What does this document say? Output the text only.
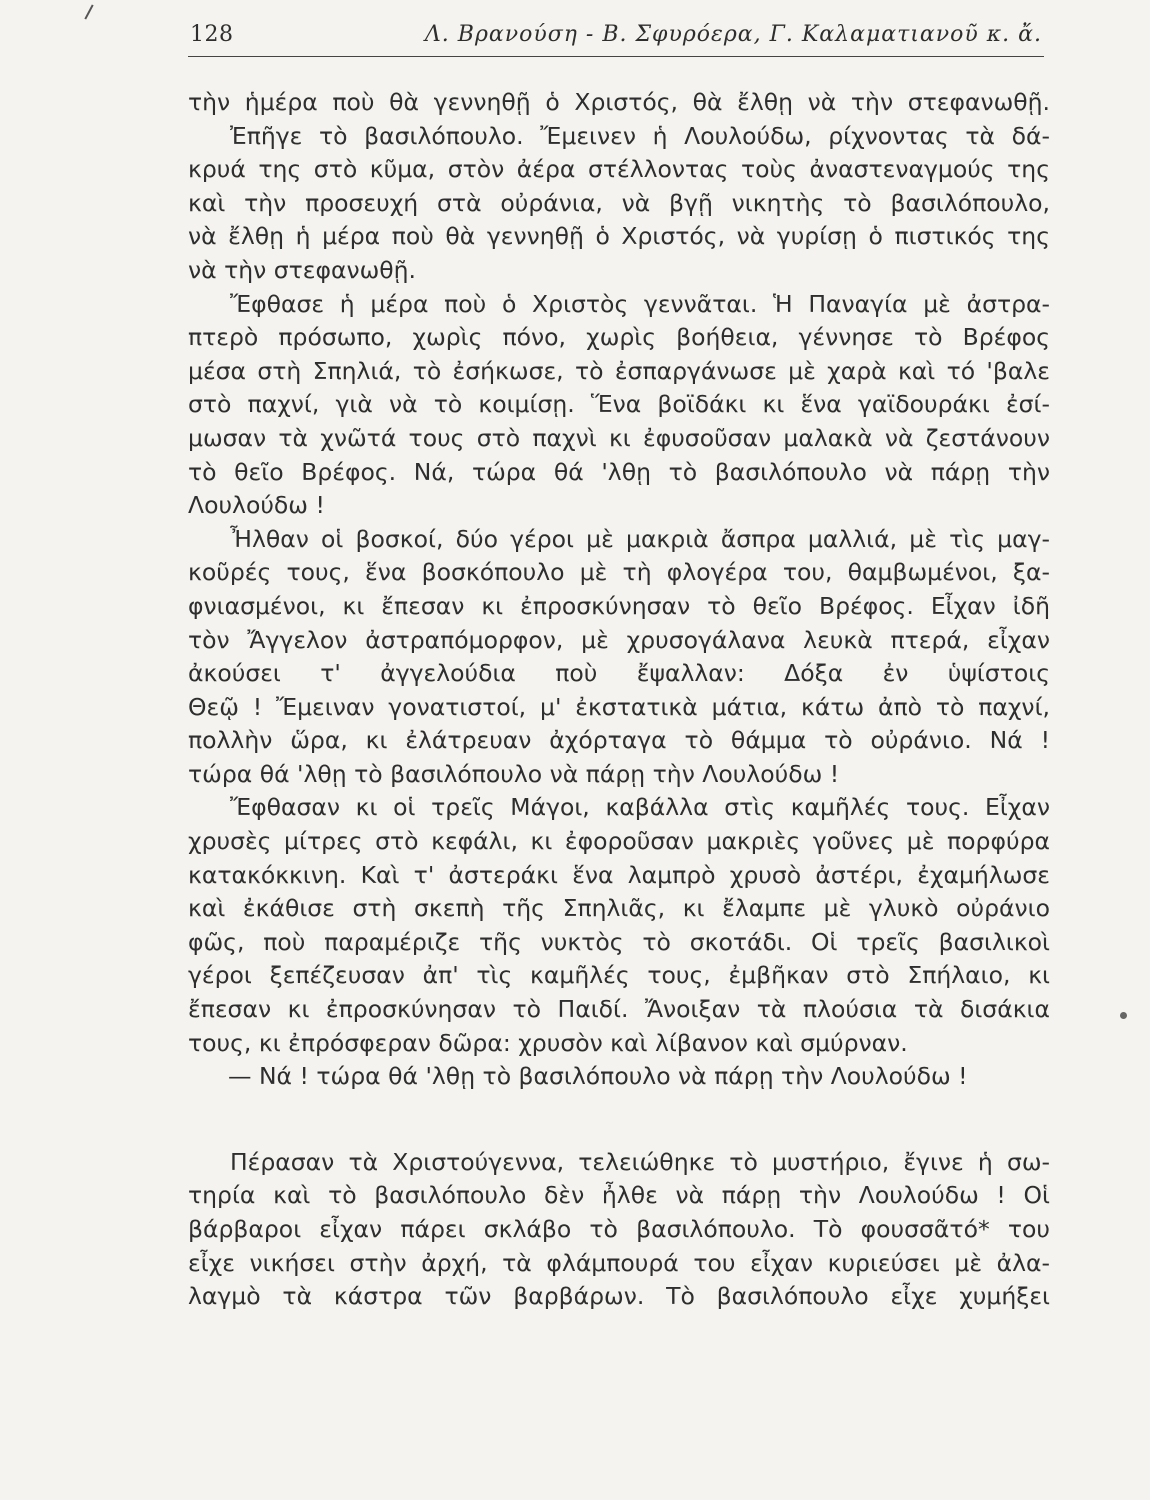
128	Λ. Βρανούση - Β. Σφυρόερα, Γ. Καλαματιανοῦ κ. ἄ.
τὴν ἡμέρα ποὺ θὰ γεννηθῇ ὁ Χριστός, θὰ ἔλθῃ νὰ τὴν στεφανωθῇ.
Ἐπῆγε τὸ βασιλόπουλο. Ἔμεινεν ἡ Λουλούδω, ρίχνοντας τὰ δά-
κρυά της στὸ κῦμα, στὸν ἀέρα στέλλοντας τοὺς ἀναστεναγμούς της
καὶ τὴν προσευχή στὰ οὐράνια, νὰ βγῇ νικητὴς τὸ βασιλόπουλο,
νὰ ἔλθῃ ἡ μέρα ποὺ θὰ γεννηθῇ ὁ Χριστός, νὰ γυρίσῃ ὁ πιστικός της
νὰ τὴν στεφανωθῇ.
Ἔφθασε ἡ μέρα ποὺ ὁ Χριστὸς γεννᾶται. Ἡ Παναγία μὲ ἀστρα-
πτερὸ πρόσωπο, χωρὶς πόνο, χωρὶς βοήθεια, γέννησε τὸ Βρέφος
μέσα στὴ Σπηλιά, τὸ ἐσήκωσε, τὸ ἐσπαργάνωσε μὲ χαρὰ καὶ τό 'βαλε
στὸ παχνί, γιὰ νὰ τὸ κοιμίσῃ. Ἕνα βοϊδάκι κι ἕνα γαϊδουράκι ἐσί-
μωσαν τὰ χνῶτά τους στὸ παχνὶ κι ἐφυσοῦσαν μαλακὰ νὰ ζεστάνουν
τὸ θεῖο Βρέφος. Νά, τώρα θά 'λθῃ τὸ βασιλόπουλο νὰ πάρῃ τὴν
Λουλούδω !
Ἦλθαν οἱ βοσκοί, δύο γέροι μὲ μακριὰ ἄσπρα μαλλιά, μὲ τὶς μαγ-
κοῦρές τους, ἕνα βοσκόπουλο μὲ τὴ φλογέρα του, θαμβωμένοι, ξα-
φνιασμένοι, κι ἔπεσαν κι ἐπροσκύνησαν τὸ θεῖο Βρέφος. Εἶχαν ἰδῆ
τὸν Ἄγγελον ἀστραπόμορφον, μὲ χρυσογάλανα λευκὰ πτερά, εἶχαν
ἀκούσει τ' ἀγγελούδια ποὺ ἔψαλλαν: Δόξα ἐν ὑψίστοις
Θεῷ ! Ἔμειναν γονατιστοί, μ' ἐκστατικὰ μάτια, κάτω ἀπὸ τὸ παχνί,
πολλὴν ὥρα, κι ἐλάτρευαν ἀχόρταγα τὸ θάμμα τὸ οὐράνιο. Νά !
τώρα θά 'λθῃ τὸ βασιλόπουλο νὰ πάρῃ τὴν Λουλούδω !
Ἔφθασαν κι οἱ τρεῖς Μάγοι, καβάλλα στὶς καμῆλές τους. Εἶχαν
χρυσὲς μίτρες στὸ κεφάλι, κι ἐφοροῦσαν μακριὲς γοῦνες μὲ πορφύρα
κατακόκκινη. Καὶ τ' ἀστεράκι ἕνα λαμπρὸ χρυσὸ ἀστέρι, ἐχαμήλωσε
καὶ ἐκάθισε στὴ σκεπὴ τῆς Σπηλιᾶς, κι ἔλαμπε μὲ γλυκὸ οὐράνιο
φῶς, ποὺ παραμέριζε τῆς νυκτὸς τὸ σκοτάδι. Οἱ τρεῖς βασιλικοὶ
γέροι ξεπέζευσαν ἀπ' τὶς καμῆλές τους, ἐμβῆκαν στὸ Σπήλαιο, κι
ἔπεσαν κι ἐπροσκύνησαν τὸ Παιδί. Ἄνοιξαν τὰ πλούσια τὰ δισάκια
τους, κι ἐπρόσφεραν δῶρα: χρυσὸν καὶ λίβανον καὶ σμύρναν.
— Νά ! τώρα θά 'λθῃ τὸ βασιλόπουλο νὰ πάρῃ τὴν Λουλούδω !
Πέρασαν τὰ Χριστούγεννα, τελειώθηκε τὸ μυστήριο, ἔγινε ἡ σω-
τηρία καὶ τὸ βασιλόπουλο δὲν ἦλθε νὰ πάρῃ τὴν Λουλούδω ! Οἱ
βάρβαροι εἶχαν πάρει σκλάβο τὸ βασιλόπουλο. Τὸ φουσσᾶτό* του
εἶχε νικήσει στὴν ἀρχή, τὰ φλάμπουρά του εἶχαν κυριεύσει μὲ ἀλα-
λαγμὸ τὰ κάστρα τῶν βαρβάρων. Τὸ βασιλόπουλο εἶχε χυμήξει
